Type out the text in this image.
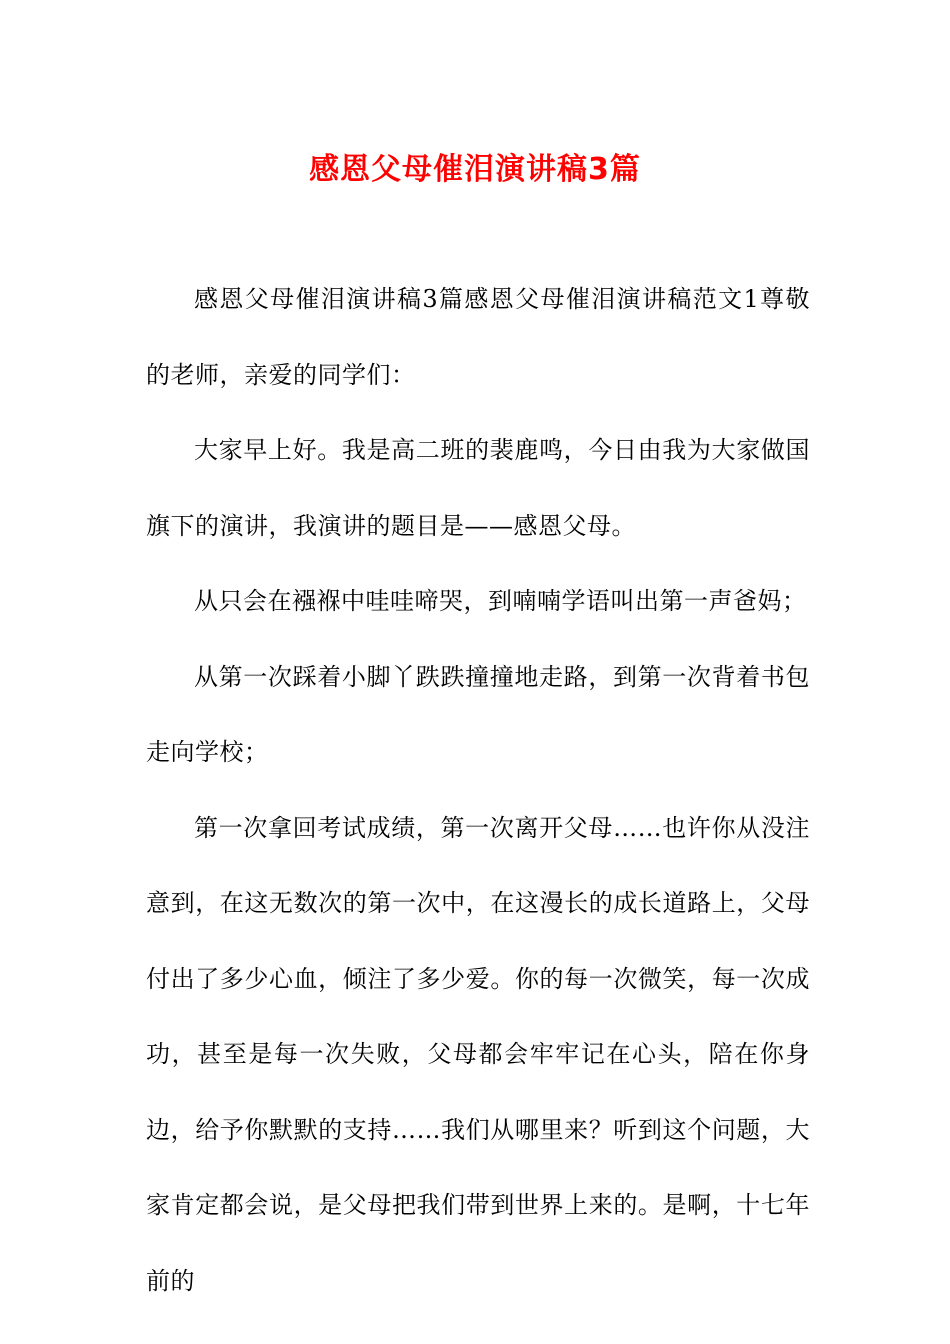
感恩父母催泪演讲稿3篇

感恩父母催泪演讲稿3篇感恩父母催泪演讲稿范文1尊敬的老师，亲爱的同学们：

大家早上好。我是高二班的裴鹿鸣，今日由我为大家做国旗下的演讲，我演讲的题目是——感恩父母。

从只会在襁褓中哇哇啼哭，到喃喃学语叫出第一声爸妈；

从第一次踩着小脚丫跌跌撞撞地走路，到第一次背着书包走向学校；

第一次拿回考试成绩，第一次离开父母……也许你从没注意到，在这无数次的第一次中，在这漫长的成长道路上，父母付出了多少心血，倾注了多少爱。你的每一次微笑，每一次成功，甚至是每一次失败，父母都会牢牢记在心头，陪在你身边，给予你默默的支持……我们从哪里来？听到这个问题，大家肯定都会说，是父母把我们带到世界上来的。是啊，十七年前的
